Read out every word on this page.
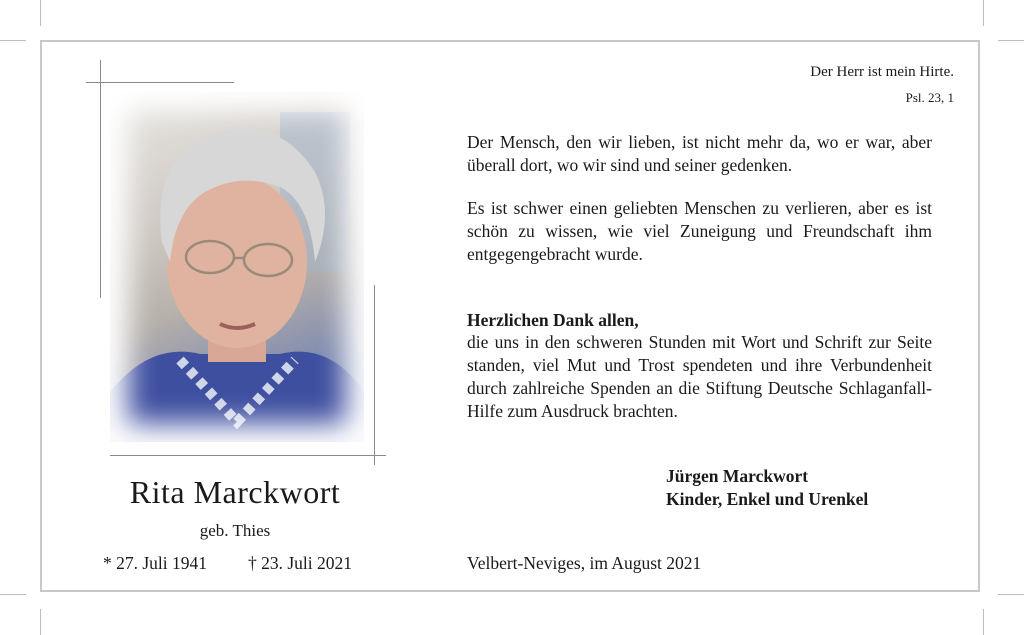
Der Herr ist mein Hirte.
Psl. 23, 1

Der Mensch, den wir lieben, ist nicht mehr da, wo er war, aber überall dort, wo wir sind und seiner gedenken.

Es ist schwer einen geliebten Menschen zu verlieren, aber es ist schön zu wissen, wie viel Zuneigung und Freundschaft ihm entgegengebracht wurde.

Herzlichen Dank allen,

die uns in den schweren Stunden mit Wort und Schrift zur Seite standen, viel Mut und Trost spendeten und ihre Verbundenheit durch zahlreiche Spenden an die Stiftung Deutsche Schlaganfall-Hilfe zum Ausdruck brachten.

Jürgen Marckwort
Kinder, Enkel und Urenkel
Velbert-Neviges, im August 2021
Rita Marckwort
geb. Thies
* 27. Juli 1941 † 23. Juli 2021
